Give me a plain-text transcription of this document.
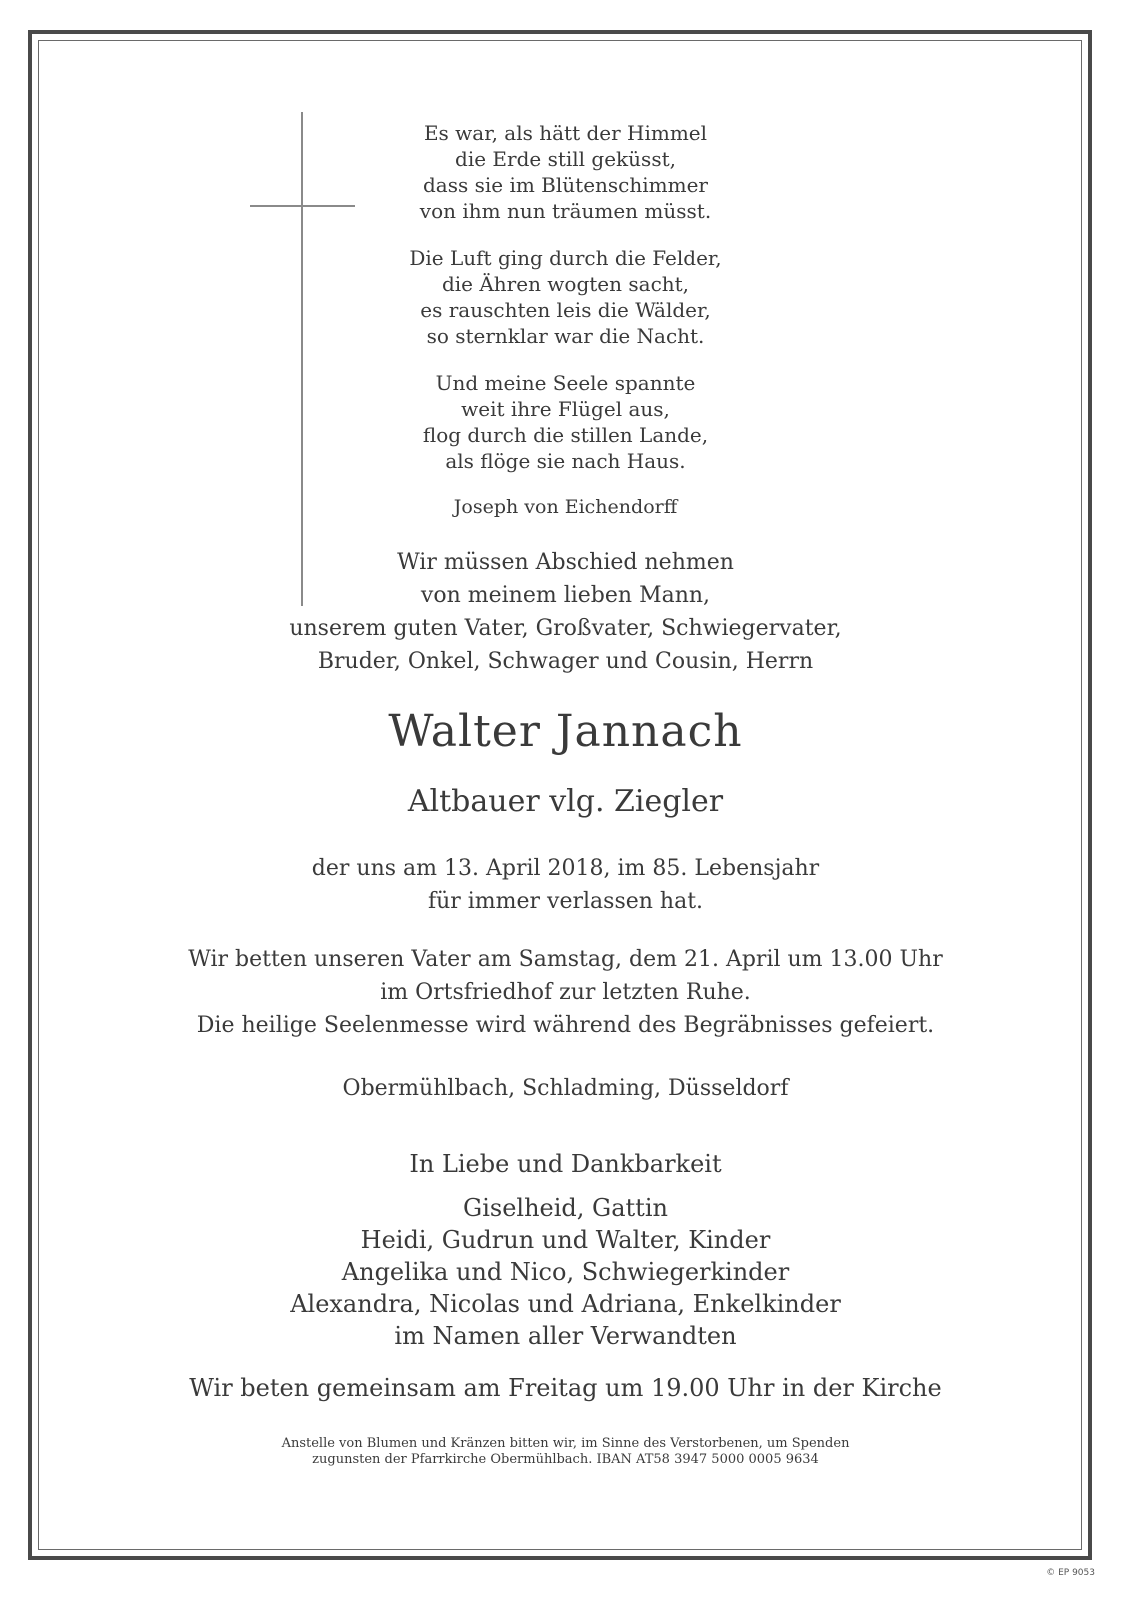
Es war, als hätt der Himmel
die Erde still geküsst,
dass sie im Blütenschimmer
von ihm nun träumen müsst.
Die Luft ging durch die Felder,
die Ähren wogten sacht,
es rauschten leis die Wälder,
so sternklar war die Nacht.
Und meine Seele spannte
weit ihre Flügel aus,
flog durch die stillen Lande,
als flöge sie nach Haus.
Joseph von Eichendorff
Wir müssen Abschied nehmen
von meinem lieben Mann,
unserem guten Vater, Großvater, Schwiegervater,
Bruder, Onkel, Schwager und Cousin, Herrn
Walter Jannach
Altbauer vlg. Ziegler
der uns am 13. April 2018, im 85. Lebensjahr
für immer verlassen hat.
Wir betten unseren Vater am Samstag, dem 21. April um 13.00 Uhr
im Ortsfriedhof zur letzten Ruhe.
Die heilige Seelenmesse wird während des Begräbnisses gefeiert.
Obermühlbach, Schladming, Düsseldorf
In Liebe und Dankbarkeit
Giselheid, Gattin
Heidi, Gudrun und Walter, Kinder
Angelika und Nico, Schwiegerkinder
Alexandra, Nicolas und Adriana, Enkelkinder
im Namen aller Verwandten
Wir beten gemeinsam am Freitag um 19.00 Uhr in der Kirche
Anstelle von Blumen und Kränzen bitten wir, im Sinne des Verstorbenen, um Spenden
zugunsten der Pfarrkirche Obermühlbach. IBAN AT58 3947 5000 0005 9634
© EP 9053
